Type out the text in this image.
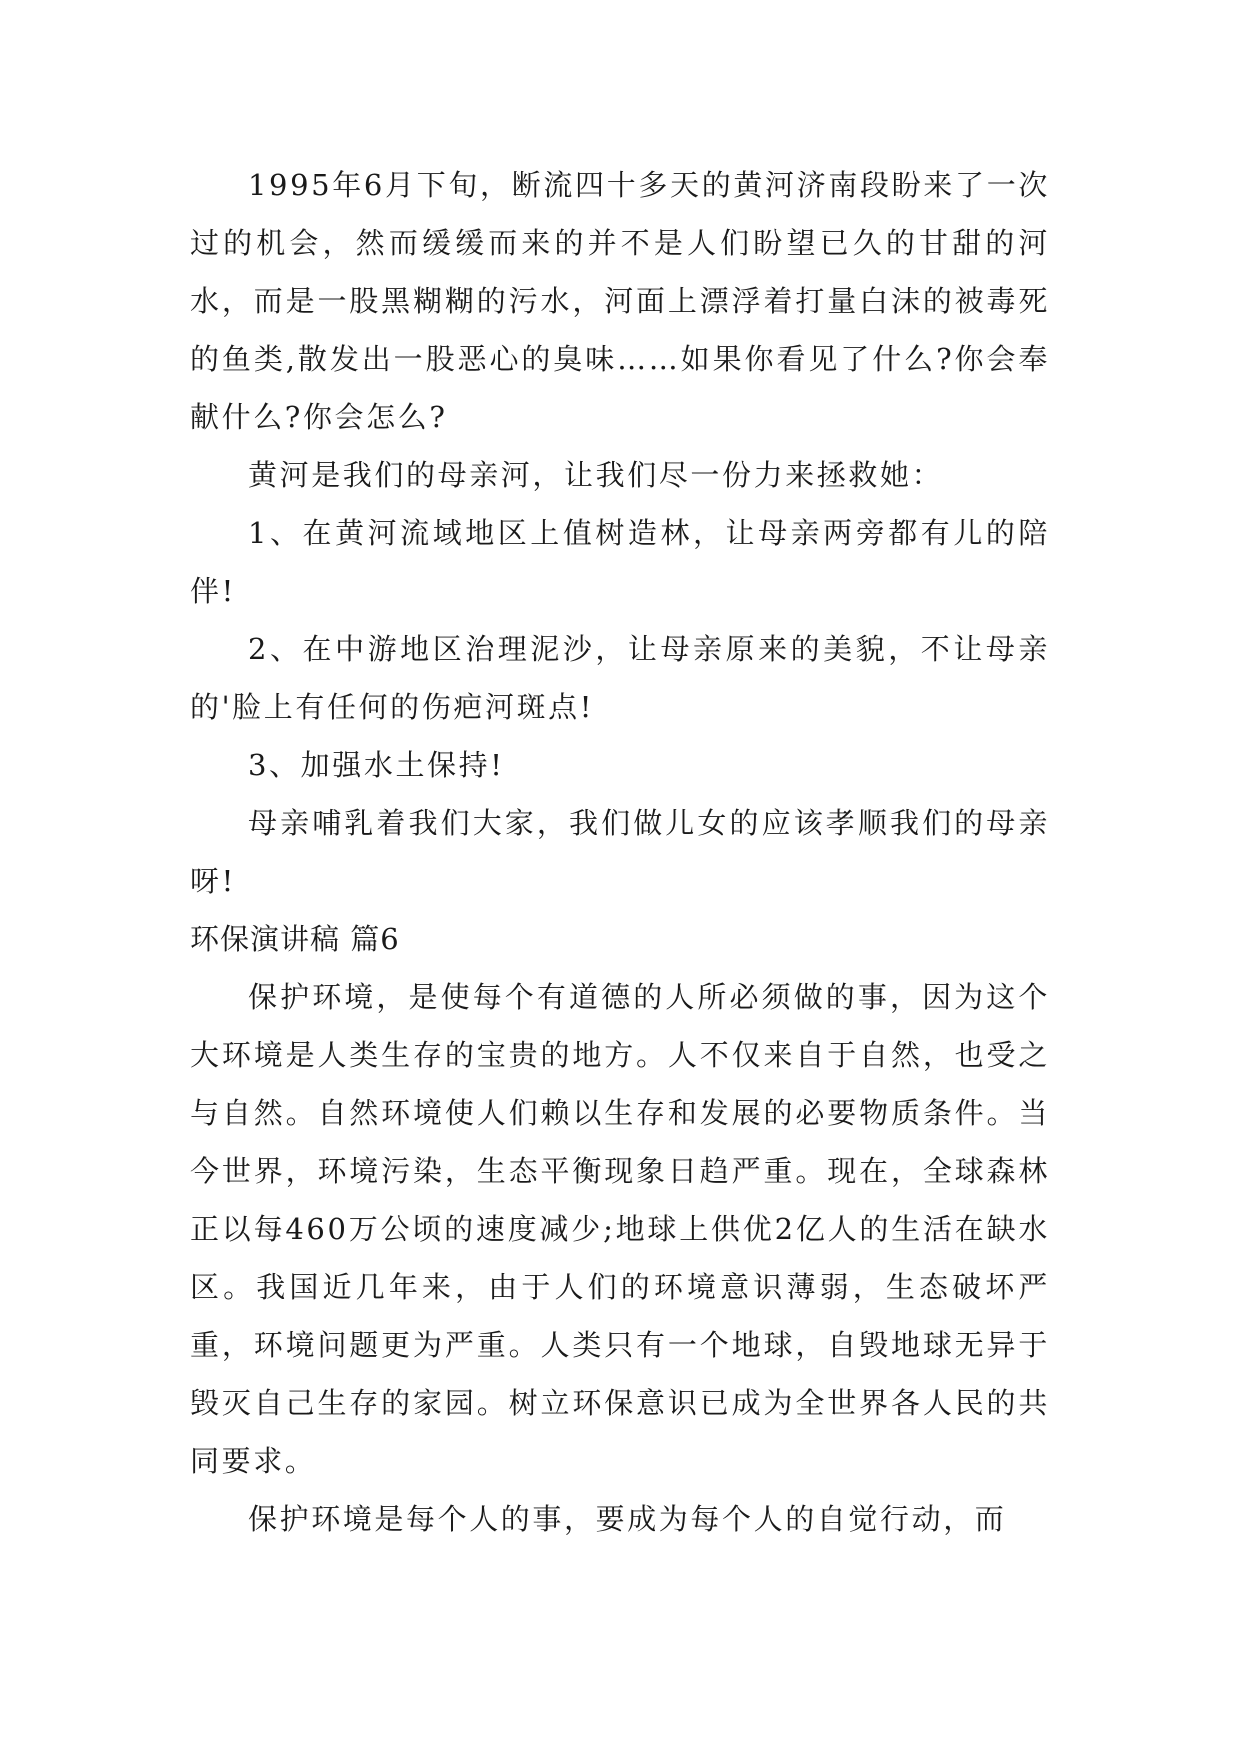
1995年6月下旬，断流四十多天的黄河济南段盼来了一次过的机会，然而缓缓而来的并不是人们盼望已久的甘甜的河水，而是一股黑糊糊的污水，河面上漂浮着打量白沫的被毒死的鱼类,散发出一股恶心的臭味……如果你看见了什么?你会奉献什么?你会怎么?

黄河是我们的母亲河，让我们尽一份力来拯救她：

1、在黄河流域地区上值树造林，让母亲两旁都有儿的陪伴!

2、在中游地区治理泥沙，让母亲原来的美貌，不让母亲的'脸上有任何的伤疤河斑点!

3、加强水土保持!

母亲哺乳着我们大家，我们做儿女的应该孝顺我们的母亲呀!

环保演讲稿 篇6

保护环境，是使每个有道德的人所必须做的事，因为这个大环境是人类生存的宝贵的地方。人不仅来自于自然，也受之与自然。自然环境使人们赖以生存和发展的必要物质条件。当今世界，环境污染，生态平衡现象日趋严重。现在，全球森林正以每460万公顷的速度减少;地球上供优2亿人的生活在缺水区。我国近几年来，由于人们的环境意识薄弱，生态破坏严重，环境问题更为严重。人类只有一个地球，自毁地球无异于毁灭自己生存的家园。树立环保意识已成为全世界各人民的共同要求。

保护环境是每个人的事，要成为每个人的自觉行动，而
